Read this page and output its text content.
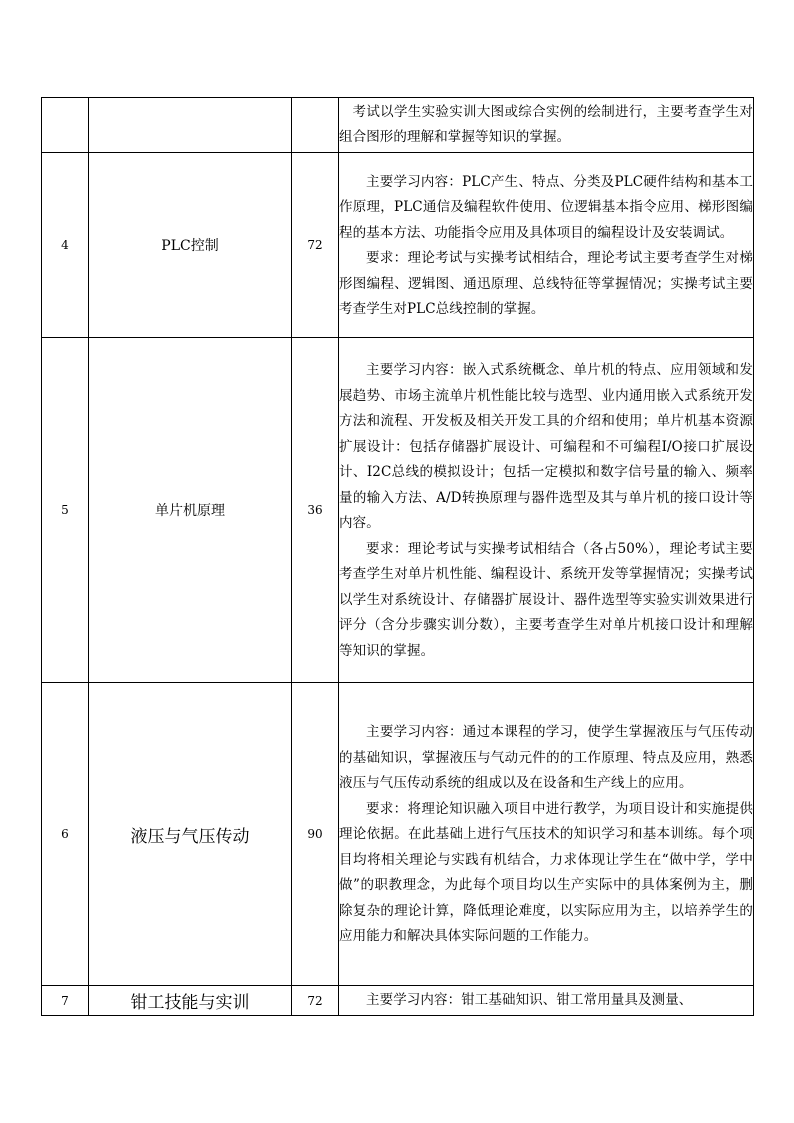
			考试以学生实验实训大图或综合实例的绘制进行，主要考查学生对组合图形的理解和掌握等知识的掌握。

4	PLC控制	72	主要学习内容：PLC产生、特点、分类及PLC硬件结构和基本工作原理，PLC通信及编程软件使用、位逻辑基本指令应用、梯形图编程的基本方法、功能指令应用及具体项目的编程设计及安装调试。

要求：理论考试与实操考试相结合，理论考试主要考查学生对梯形图编程、逻辑图、通迅原理、总线特征等掌握情况；实操考试主要考查学生对PLC总线控制的掌握。

5	单片机原理	36	主要学习内容：嵌入式系统概念、单片机的特点、应用领域和发展趋势、市场主流单片机性能比较与选型、业内通用嵌入式系统开发方法和流程、开发板及相关开发工具的介绍和使用；单片机基本资源扩展设计：包括存储器扩展设计、可编程和不可编程I/O接口扩展设计、I2C总线的模拟设计；包括一定模拟和数字信号量的输入、频率量的输入方法、A/D转换原理与器件选型及其与单片机的接口设计等内容。

要求：理论考试与实操考试相结合（各占50%），理论考试主要考查学生对单片机性能、编程设计、系统开发等掌握情况；实操考试以学生对系统设计、存储器扩展设计、器件选型等实验实训效果进行评分（含分步骤实训分数），主要考查学生对单片机接口设计和理解等知识的掌握。

6	液压与气压传动	90	主要学习内容：通过本课程的学习，使学生掌握液压与气压传动的基础知识，掌握液压与气动元件的的工作原理、特点及应用，熟悉液压与气压传动系统的组成以及在设备和生产线上的应用。

要求：将理论知识融入项目中进行教学，为项目设计和实施提供理论依据。在此基础上进行气压技术的知识学习和基本训练。每个项目均将相关理论与实践有机结合，力求体现让学生在“做中学，学中做”的职教理念，为此每个项目均以生产实际中的具体案例为主，删除复杂的理论计算，降低理论难度，以实际应用为主，以培养学生的应用能力和解决具体实际问题的工作能力。

7	钳工技能与实训	72	主要学习内容：钳工基础知识、钳工常用量具及测量、
